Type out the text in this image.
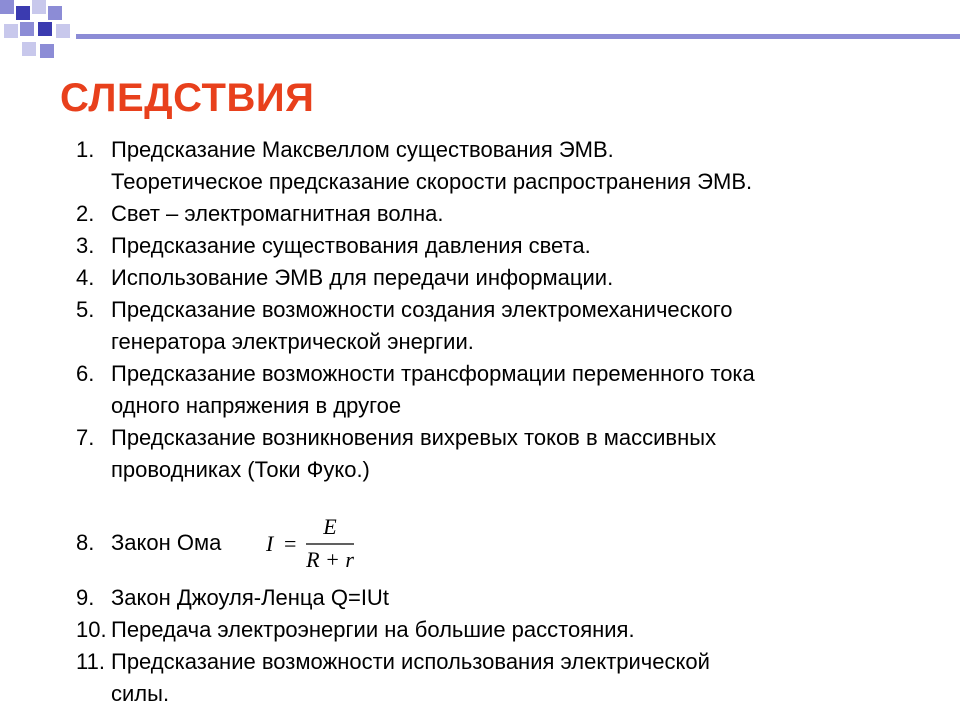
СЛЕДСТВИЯ
1. Предсказание Максвеллом существования ЭМВ.
Теоретическое предсказание скорости распространения ЭМВ.
2. Свет – электромагнитная волна.
3. Предсказание существования давления света.
4. Использование ЭМВ для передачи информации.
5. Предсказание возможности создания электромеханического
генератора электрической энергии.
6. Предсказание возможности трансформации переменного тока
одного напряжения в другое
7. Предсказание возникновения вихревых токов в массивных
проводниках (Токи Фуко.)
8. Закон Ома I =
E
R + r
9. Закон Джоуля-Ленца Q=IUt
10. Передача электроэнергии на большие расстояния.
11. Предсказание возможности использования электрической
силы.
